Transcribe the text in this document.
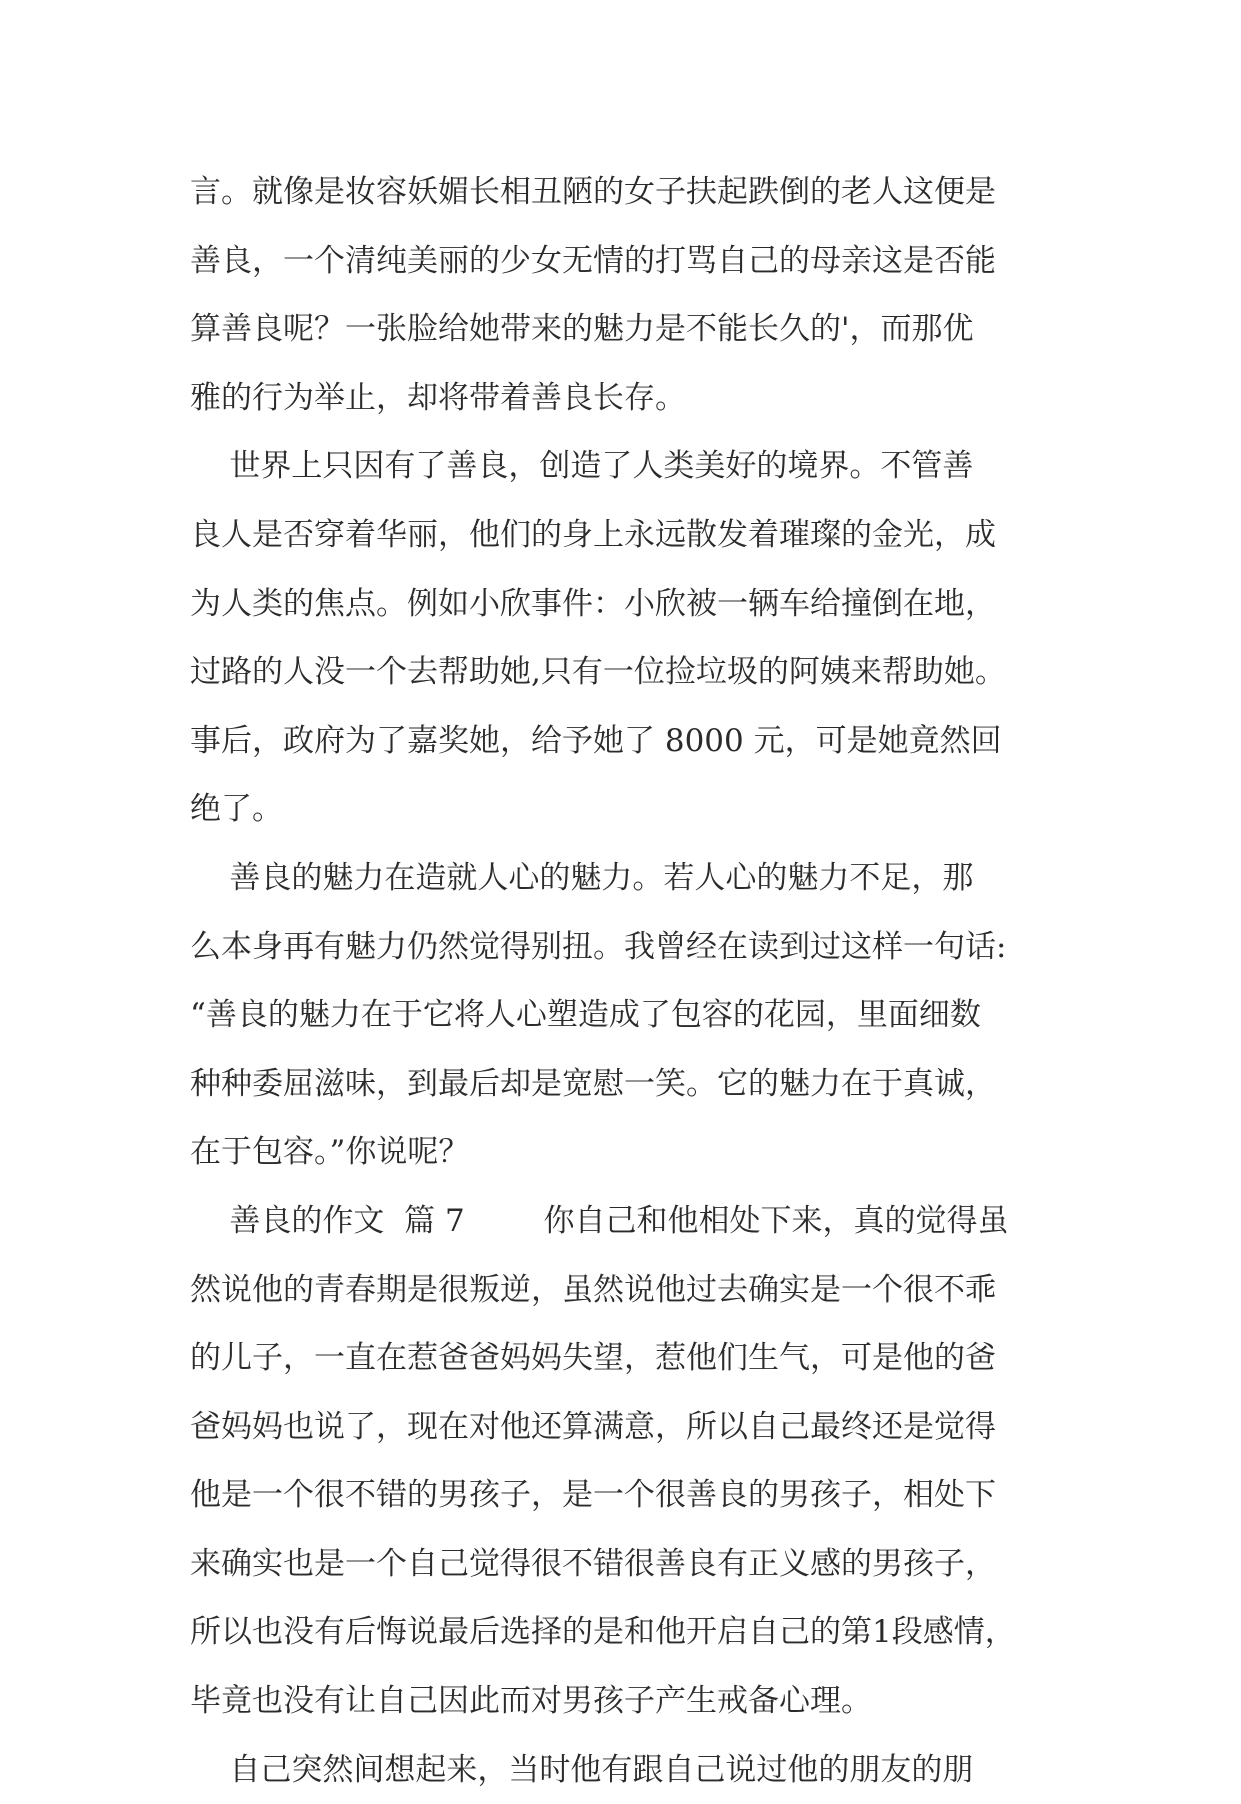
言。就像是妆容妖媚长相丑陋的女子扶起跌倒的老人这便是
善良，一个清纯美丽的少女无情的打骂自己的母亲这是否能
算善良呢？一张脸给她带来的魅力是不能长久的'，而那优
雅的行为举止，却将带着善良长存。
世界上只因有了善良，创造了人类美好的境界。不管善
良人是否穿着华丽，他们的身上永远散发着璀璨的金光，成
为人类的焦点。例如小欣事件：小欣被一辆车给撞倒在地，
过路的人没一个去帮助她,只有一位捡垃圾的阿姨来帮助她。
事后，政府为了嘉奖她，给予她了 8000 元，可是她竟然回
绝了。
善良的魅力在造就人心的魅力。若人心的魅力不足，那
么本身再有魅力仍然觉得别扭。我曾经在读到过这样一句话:
“善良的魅力在于它将人心塑造成了包容的花园，里面细数
种种委屈滋味，到最后却是宽慰一笑。它的魅力在于真诚，
在于包容。”你说呢？
善良的作文  篇 7        你自己和他相处下来，真的觉得虽
然说他的青春期是很叛逆，虽然说他过去确实是一个很不乖
的儿子，一直在惹爸爸妈妈失望，惹他们生气，可是他的爸
爸妈妈也说了，现在对他还算满意，所以自己最终还是觉得
他是一个很不错的男孩子，是一个很善良的男孩子，相处下
来确实也是一个自己觉得很不错很善良有正义感的男孩子，
所以也没有后悔说最后选择的是和他开启自己的第1段感情，
毕竟也没有让自己因此而对男孩子产生戒备心理。
自己突然间想起来，当时他有跟自己说过他的朋友的朋
